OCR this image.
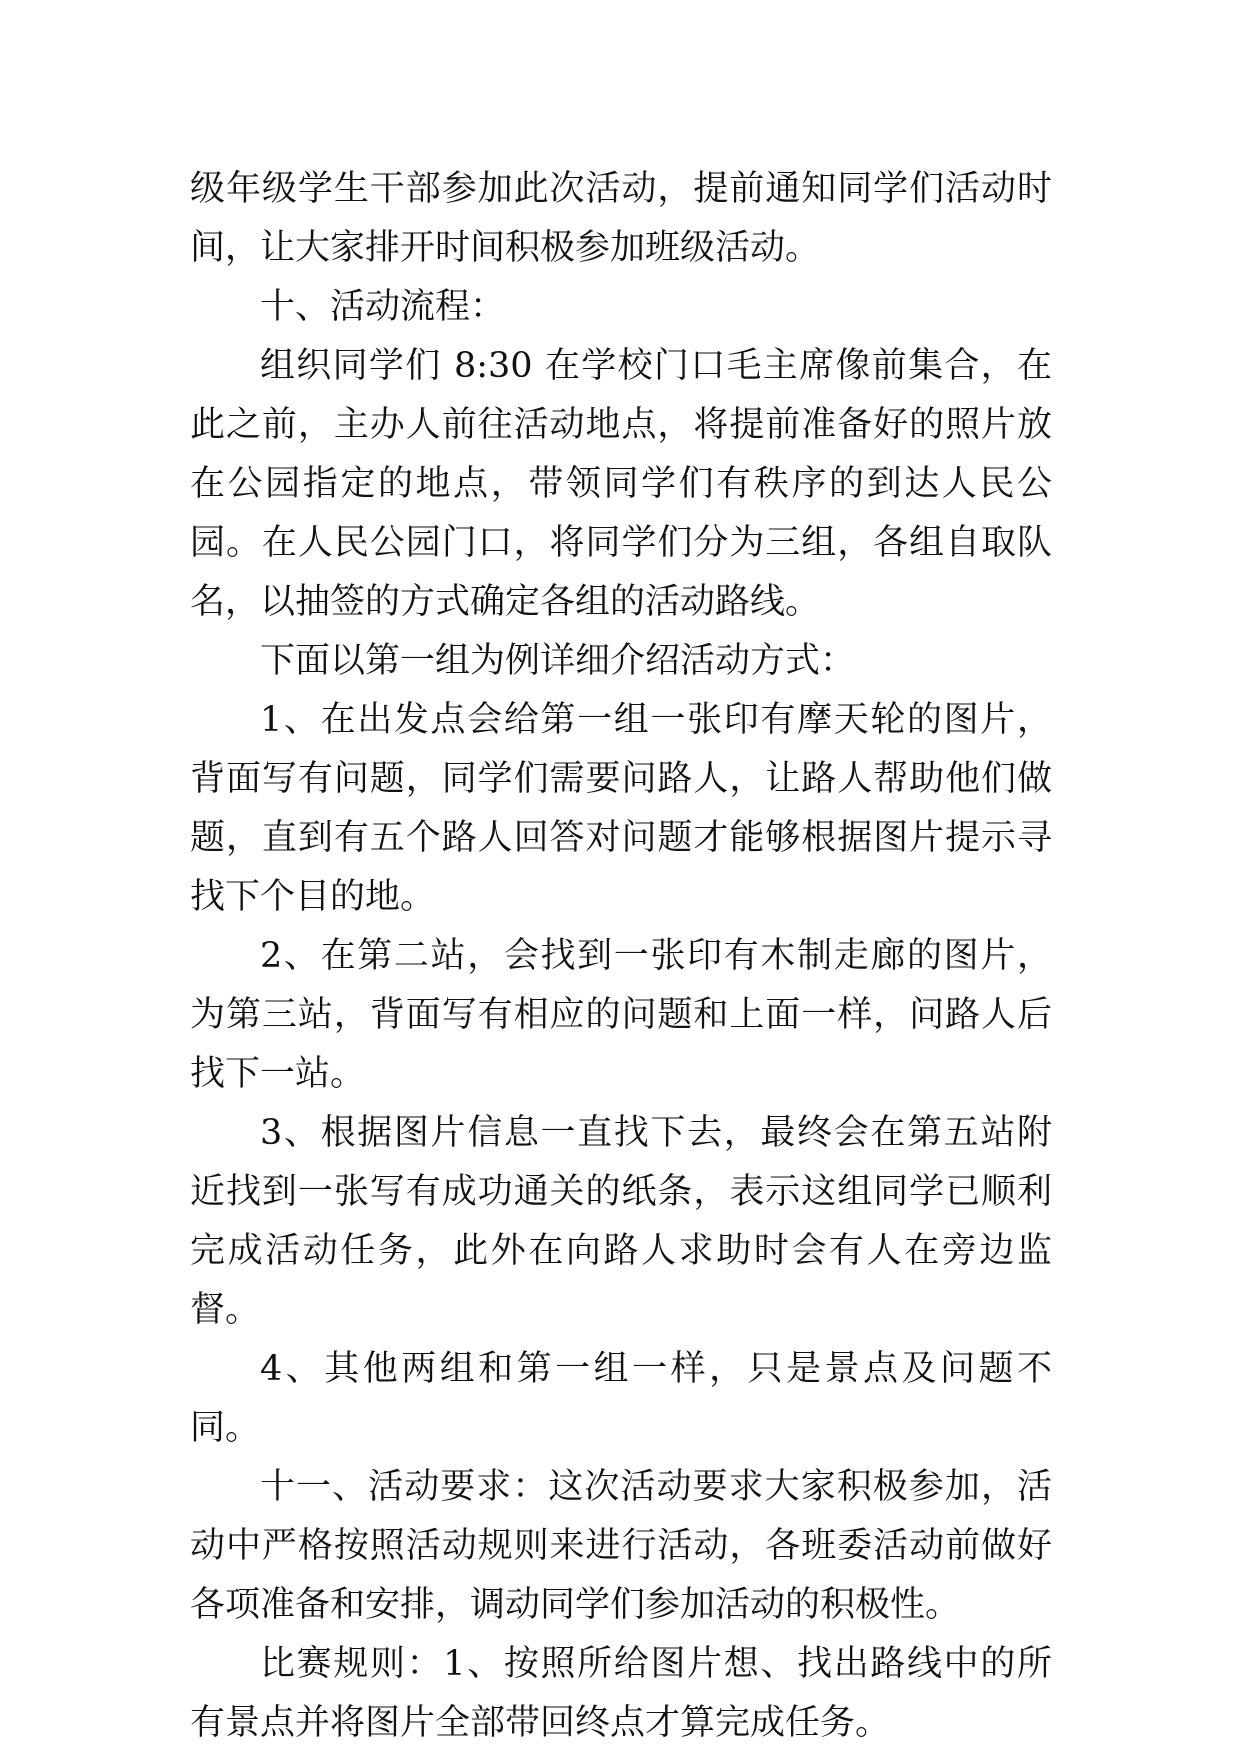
级年级学生干部参加此次活动，提前通知同学们活动时间，让大家排开时间积极参加班级活动。

十、活动流程：

组织同学们 8:30 在学校门口毛主席像前集合，在此之前，主办人前往活动地点，将提前准备好的照片放在公园指定的地点，带领同学们有秩序的到达人民公园。在人民公园门口，将同学们分为三组，各组自取队名，以抽签的方式确定各组的活动路线。

下面以第一组为例详细介绍活动方式：

1、在出发点会给第一组一张印有摩天轮的图片，背面写有问题，同学们需要问路人，让路人帮助他们做题，直到有五个路人回答对问题才能够根据图片提示寻找下个目的地。

2、在第二站，会找到一张印有木制走廊的图片，为第三站，背面写有相应的问题和上面一样，问路人后找下一站。

3、根据图片信息一直找下去，最终会在第五站附近找到一张写有成功通关的纸条，表示这组同学已顺利完成活动任务，此外在向路人求助时会有人在旁边监督。

4、其他两组和第一组一样，只是景点及问题不同。

十一、活动要求：这次活动要求大家积极参加，活动中严格按照活动规则来进行活动，各班委活动前做好各项准备和安排，调动同学们参加活动的积极性。

比赛规则：1、按照所给图片想、找出路线中的所有景点并将图片全部带回终点才算完成任务。
